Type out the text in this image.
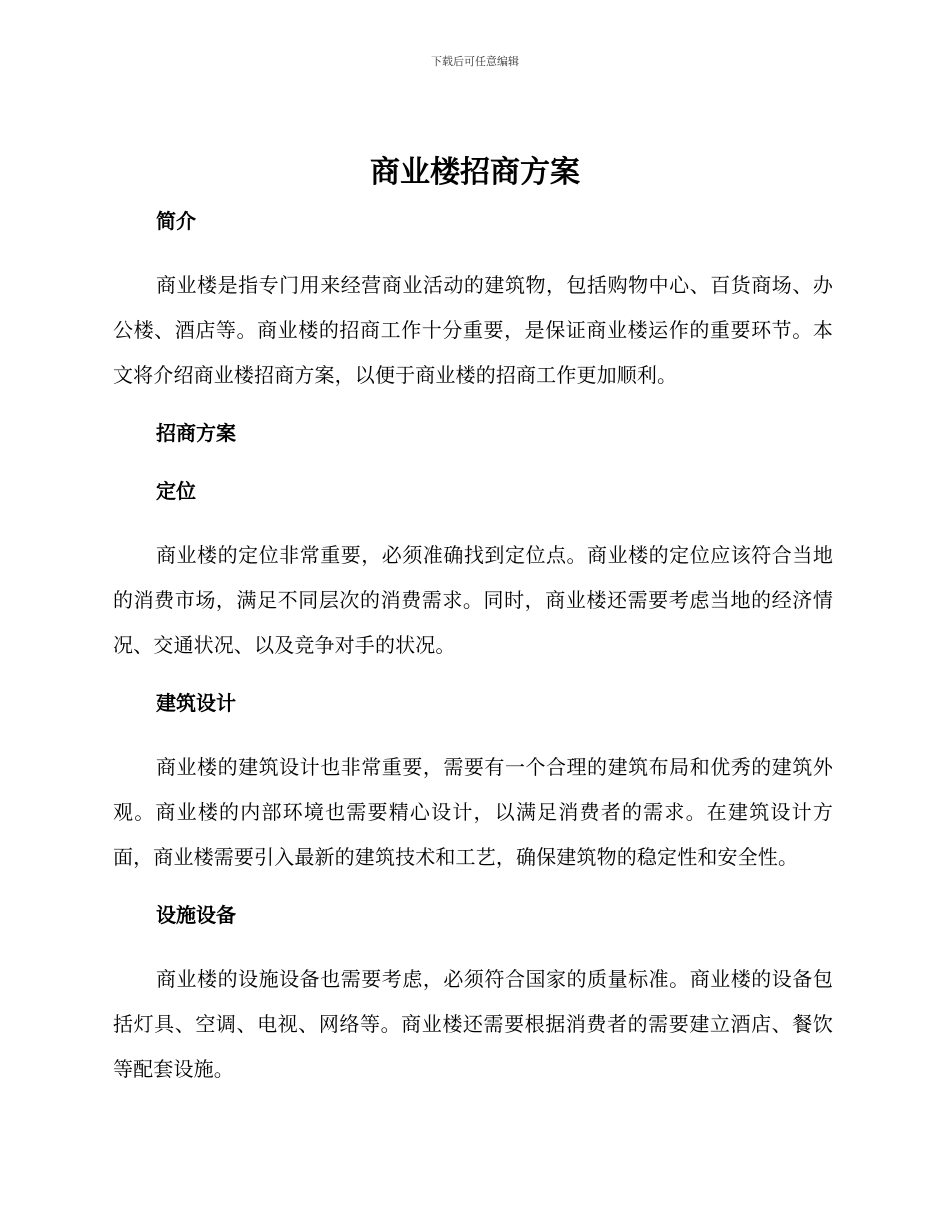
下载后可任意编辑
商业楼招商方案
简介

商业楼是指专门用来经营商业活动的建筑物，包括购物中心、百货商场、办公楼、酒店等。商业楼的招商工作十分重要，是保证商业楼运作的重要环节。本文将介绍商业楼招商方案，以便于商业楼的招商工作更加顺利。

招商方案
定位

商业楼的定位非常重要，必须准确找到定位点。商业楼的定位应该符合当地的消费市场，满足不同层次的消费需求。同时，商业楼还需要考虑当地的经济情况、交通状况、以及竞争对手的状况。

建筑设计

商业楼的建筑设计也非常重要，需要有一个合理的建筑布局和优秀的建筑外观。商业楼的内部环境也需要精心设计，以满足消费者的需求。在建筑设计方面，商业楼需要引入最新的建筑技术和工艺，确保建筑物的稳定性和安全性。

设施设备

商业楼的设施设备也需要考虑，必须符合国家的质量标准。商业楼的设备包括灯具、空调、电视、网络等。商业楼还需要根据消费者的需要建立酒店、餐饮等配套设施。
